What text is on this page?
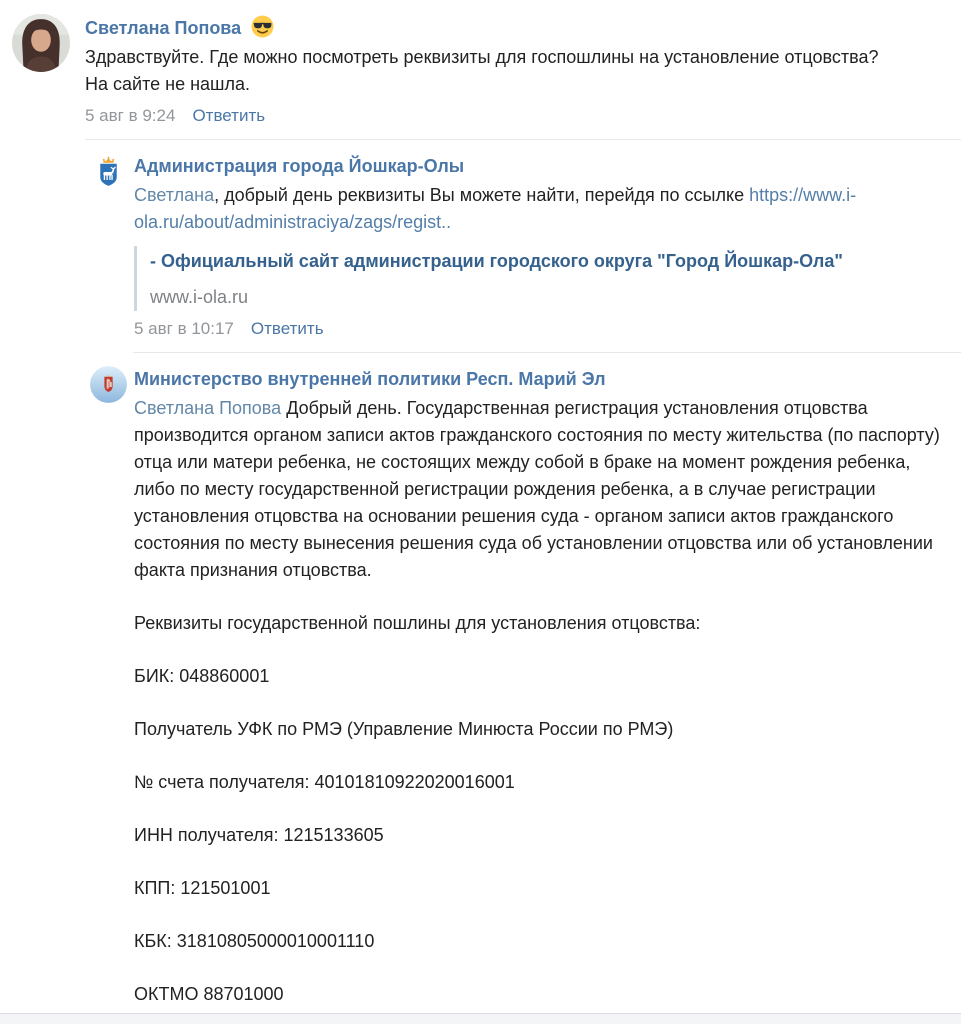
Светлана Попова
Здравствуйте. Где можно посмотреть реквизиты для госпошлины на установление отцовства? На сайте не нашла.
5 авг в 9:24 Ответить
Администрация города Йошкар-Олы
Светлана, добрый день реквизиты Вы можете найти, перейдя по ссылке https://www.i-ola.ru/about/administraciya/zags/regist..
- Официальный сайт администрации городского округа "Город Йошкар-Ола"
www.i-ola.ru
5 авг в 10:17 Ответить
Министерство внутренней политики Респ. Марий Эл

Светлана Попова Добрый день. Государственная регистрация установления отцовства производится органом записи актов гражданского состояния по месту жительства (по паспорту) отца или матери ребенка, не состоящих между собой в браке на момент рождения ребенка, либо по месту государственной регистрации рождения ребенка, а в случае регистрации установления отцовства на основании решения суда - органом записи актов гражданского состояния по месту вынесения решения суда об установлении отцовства или об установлении факта признания отцовства.

Реквизиты государственной пошлины для установления отцовства:

БИК: 048860001

Получатель УФК по РМЭ (Управление Минюста России по РМЭ)

№ счета получателя: 40101810922020016001

ИНН получателя: 1215133605

КПП: 121501001

КБК: 31810805000010001110

ОКТМО 88701000
